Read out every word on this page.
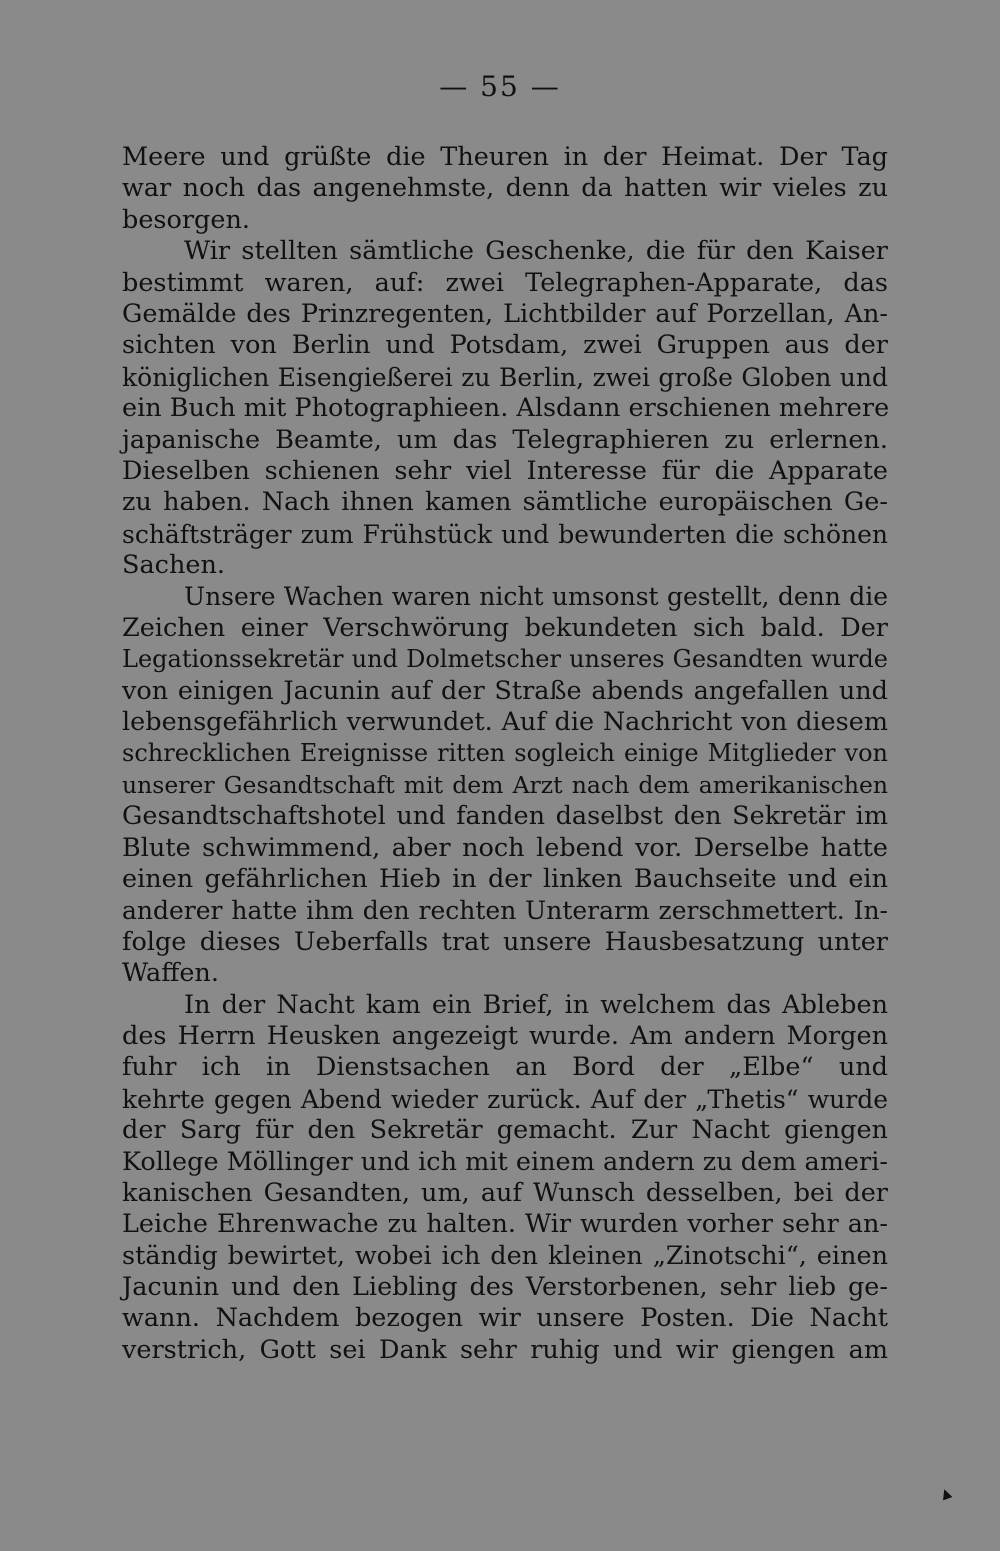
— 55 —
Meere und grüßte die Theuren in der Heimat. Der Tag
war noch das angenehmste, denn da hatten wir vieles zu
besorgen.
Wir stellten sämtliche Geschenke, die für den Kaiser
bestimmt waren, auf: zwei Telegraphen-Apparate, das
Gemälde des Prinzregenten, Lichtbilder auf Porzellan, An-
sichten von Berlin und Potsdam, zwei Gruppen aus der
königlichen Eisengießerei zu Berlin, zwei große Globen und
ein Buch mit Photographieen. Alsdann erschienen mehrere
japanische Beamte, um das Telegraphieren zu erlernen.
Dieselben schienen sehr viel Interesse für die Apparate
zu haben. Nach ihnen kamen sämtliche europäischen Ge-
schäftsträger zum Frühstück und bewunderten die schönen
Sachen.
Unsere Wachen waren nicht umsonst gestellt, denn die
Zeichen einer Verschwörung bekundeten sich bald. Der
Legationssekretär und Dolmetscher unseres Gesandten wurde
von einigen Jacunin auf der Straße abends angefallen und
lebensgefährlich verwundet. Auf die Nachricht von diesem
schrecklichen Ereignisse ritten sogleich einige Mitglieder von
unserer Gesandtschaft mit dem Arzt nach dem amerikanischen
Gesandtschaftshotel und fanden daselbst den Sekretär im
Blute schwimmend, aber noch lebend vor. Derselbe hatte
einen gefährlichen Hieb in der linken Bauchseite und ein
anderer hatte ihm den rechten Unterarm zerschmettert. In-
folge dieses Ueberfalls trat unsere Hausbesatzung unter
Waffen.
In der Nacht kam ein Brief, in welchem das Ableben
des Herrn Heusken angezeigt wurde. Am andern Morgen
fuhr ich in Dienstsachen an Bord der „Elbe“ und
kehrte gegen Abend wieder zurück. Auf der „Thetis“ wurde
der Sarg für den Sekretär gemacht. Zur Nacht giengen
Kollege Möllinger und ich mit einem andern zu dem ameri-
kanischen Gesandten, um, auf Wunsch desselben, bei der
Leiche Ehrenwache zu halten. Wir wurden vorher sehr an-
ständig bewirtet, wobei ich den kleinen „Zinotschi“, einen
Jacunin und den Liebling des Verstorbenen, sehr lieb ge-
wann. Nachdem bezogen wir unsere Posten. Die Nacht
verstrich, Gott sei Dank sehr ruhig und wir giengen am
